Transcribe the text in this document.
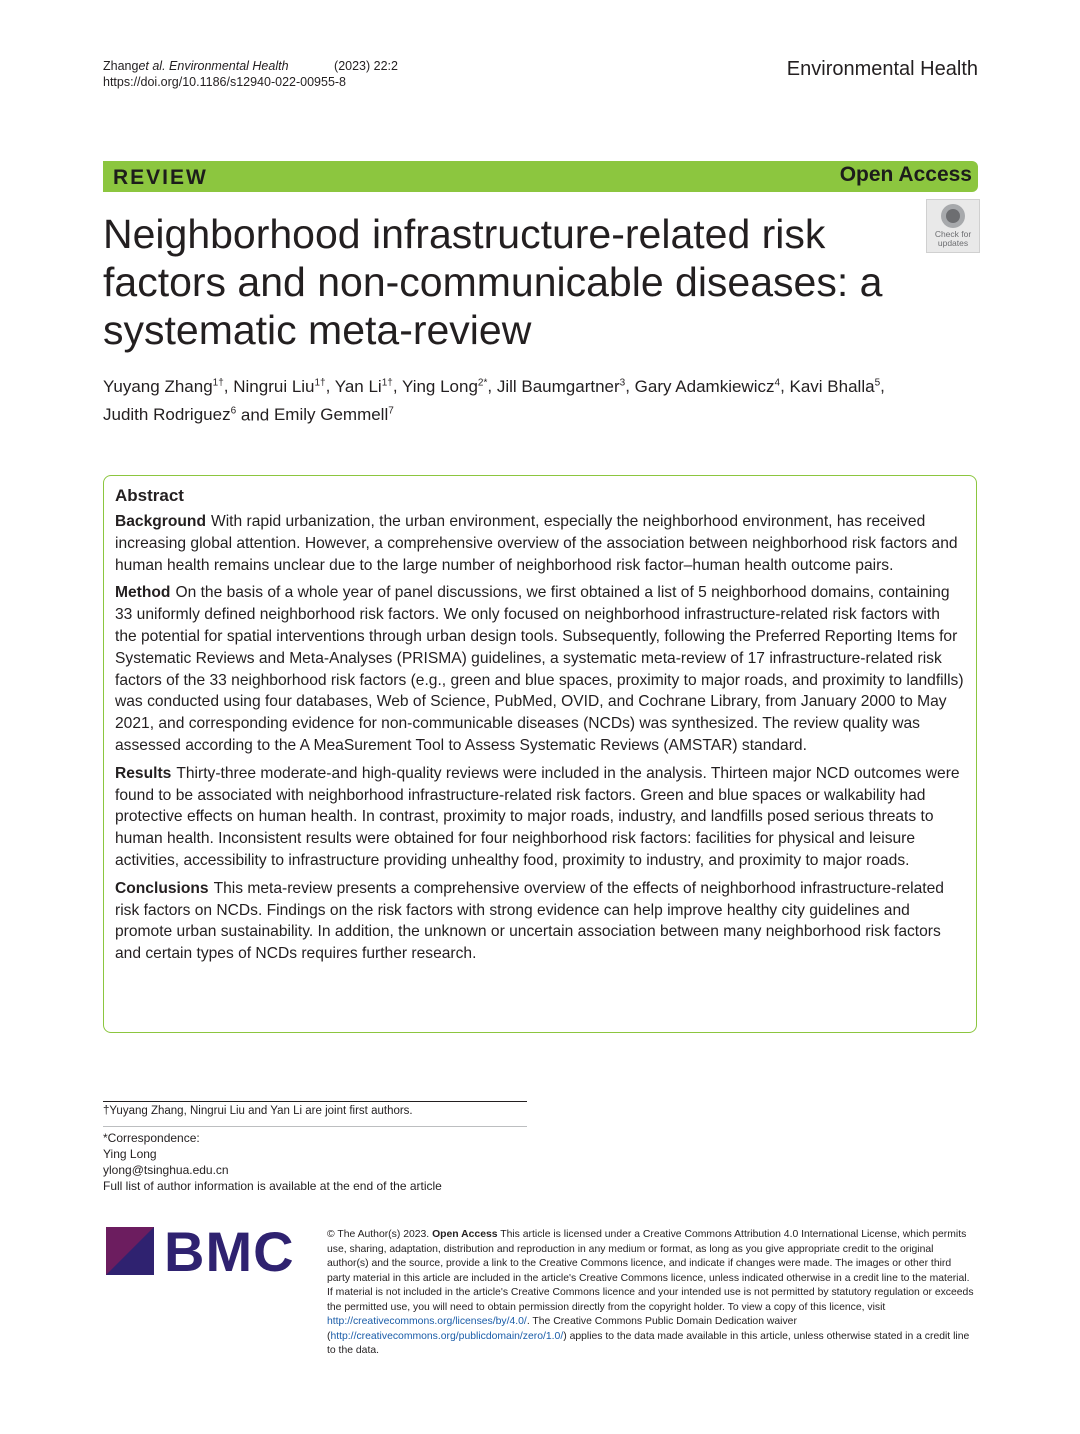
Zhanget al. Environmental Health	(2023) 22:2
https://doi.org/10.1186/s12940-022-00955-8
Environmental Health
REVIEW	Open Access
Neighborhood infrastructure-related risk factors and non-communicable diseases: a systematic meta-review
Check for
updates
Yuyang Zhang$^{1\dagger}$, Ningrui Liu$^{1\dagger}$, Yan $Li^{1\dagger}$, Ying Long$^{2*}$, Jill Baumgartner$^3$, Gary Adamkiewicz$^4$, Kavi Bhalla$^5$,
Judith Rodriguez$^6$ and Emily Gemmell$^7$
Abstract

Background With rapid urbanization, the urban environment, especially the neighborhood environment, has received increasing global attention. However, a comprehensive overview of the association between neighborhood risk factors and human health remains unclear due to the large number of neighborhood risk factor–human health outcome pairs.

Method On the basis of a whole year of panel discussions, we first obtained a list of 5 neighborhood domains, containing 33 uniformly defined neighborhood risk factors. We only focused on neighborhood infrastructure-related risk factors with the potential for spatial interventions through urban design tools. Subsequently, following the Preferred Reporting Items for Systematic Reviews and Meta-Analyses (PRISMA) guidelines, a systematic meta-review of 17 infrastructure-related risk factors of the 33 neighborhood risk factors (e.g., green and blue spaces, proximity to major roads, and proximity to landfills) was conducted using four databases, Web of Science, PubMed, OVID, and Cochrane Library, from January 2000 to May 2021, and corresponding evidence for non-communicable diseases (NCDs) was synthesized. The review quality was assessed according to the A MeaSurement Tool to Assess Systematic Reviews (AMSTAR) standard.

Results Thirty-three moderate-and high-quality reviews were included in the analysis. Thirteen major NCD outcomes were found to be associated with neighborhood infrastructure-related risk factors. Green and blue spaces or walkability had protective effects on human health. In contrast, proximity to major roads, industry, and landfills posed serious threats to human health. Inconsistent results were obtained for four neighborhood risk factors: facilities for physical and leisure activities, accessibility to infrastructure providing unhealthy food, proximity to industry, and proximity to major roads.

Conclusions This meta-review presents a comprehensive overview of the effects of neighborhood infrastructure-related risk factors on NCDs. Findings on the risk factors with strong evidence can help improve healthy city guidelines and promote urban sustainability. In addition, the unknown or uncertain association between many neighborhood risk factors and certain types of NCDs requires further research.

†Yuyang Zhang, Ningrui Liu and Yan Li are joint first authors.
*Correspondence:
Ying Long
ylong@tsinghua.edu.cn
Full list of author information is available at the end of the article
BMC	© The Author(s) 2023. Open Access This article is licensed under a Creative Commons Attribution 4.0 International License, which permits use, sharing, adaptation, distribution and reproduction in any medium or format, as long as you give appropriate credit to the original author(s) and the source, provide a link to the Creative Commons licence, and indicate if changes were made. The images or other third party material in this article are included in the article's Creative Commons licence, unless indicated otherwise in a credit line to the material. If material is not included in the article's Creative Commons licence and your intended use is not permitted by statutory regulation or exceeds the permitted use, you will need to obtain permission directly from the copyright holder. To view a copy of this licence, visit http://creativecommons.org/licenses/by/4.0/. The Creative Commons Public Domain Dedication waiver (http://creativecommons.org/publicdomain/zero/1.0/) applies to the data made available in this article, unless otherwise stated in a credit line to the data.
